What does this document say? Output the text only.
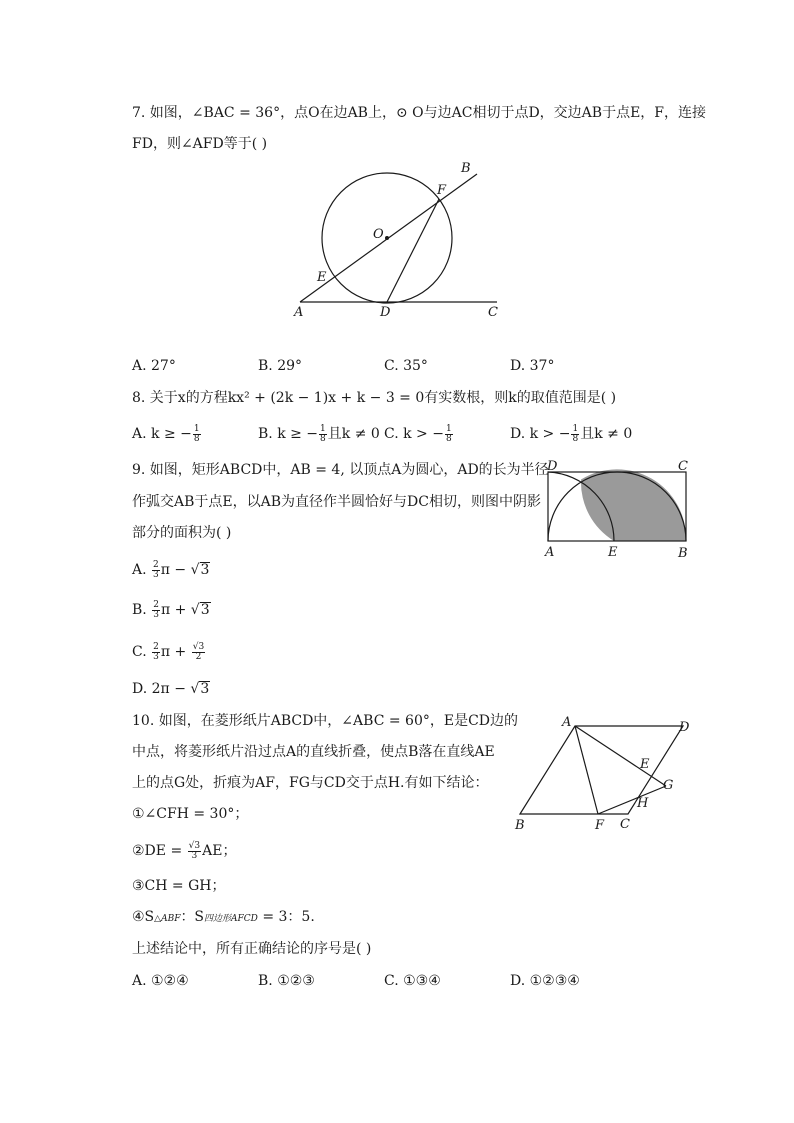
7. 如图，∠BAC = 36°，点O在边AB上，⊙ O与边AC相切于点D，交边AB于点E，F，连接
FD，则∠AFD等于( )
O
F
B
E
A	D	C
A. 27°	B. 29°	C. 35°	D. 37°
8. 关于x的方程kx² + (2k − 1)x + k − 3 = 0有实数根，则k的取值范围是( )
A. k ≥ − $\frac{1}{8}$	B. k ≥ − $\frac{1}{8}$ 且k ≠ 0 C. k > − $\frac{1}{8}$	D. k > − $\frac{1}{8}$ 且k ≠ 0
9. 如图，矩形ABCD中，AB = 4, 以顶点A为圆心，AD的长为半径
作弧交AB于点E，以AB为直径作半圆恰好与DC相切，则图中阴影
部分的面积为( )
D	C
A	E	B
A. $\frac{2}{3}$ π − √3
B. $\frac{2}{3}$ π + √3
C. $\frac{2}{3}$ $\pi + \frac{√3}{2}$
D. 2π − √3
10. 如图，在菱形纸片ABCD中，∠ABC = 60°，E是CD边的
中点，将菱形纸片沿过点A的直线折叠，使点B落在直线AE
上的点G处，折痕为AF，FG与CD交于点H.有如下结论：
①∠CFH = 30°；
②DE = $\frac{√3}{3}$ AE；
③CH = GH；
④S△ABF：S四边形AFCD = 3：5.
上述结论中，所有正确结论的序号是( )
A	D
E
G
H
B	F C
A. ①②④	B. ①②③	C. ①③④	D. ①②③④
